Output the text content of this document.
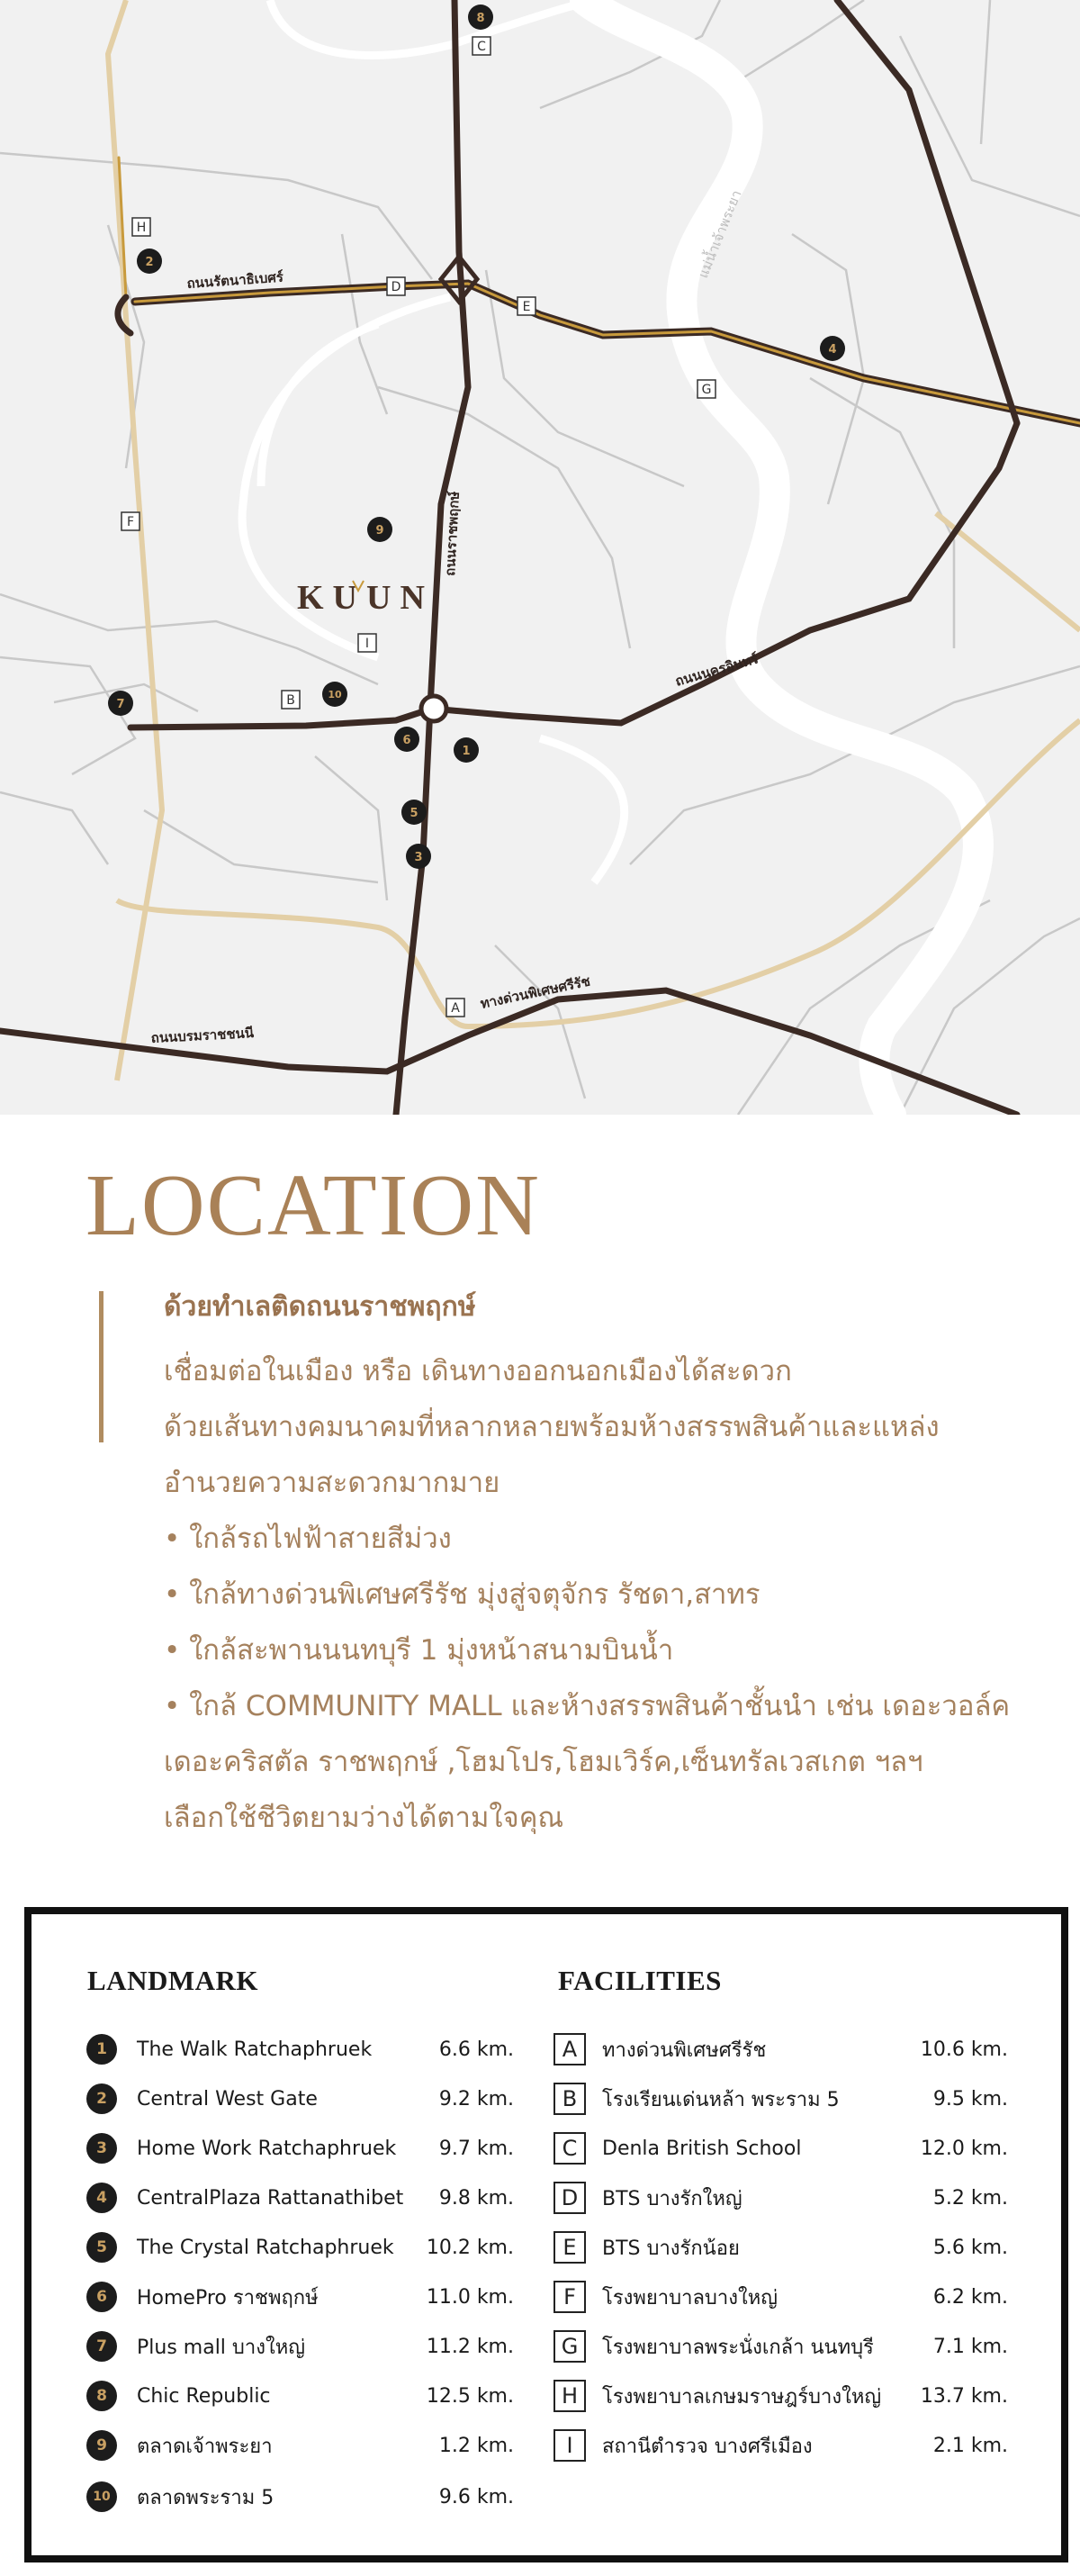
ถนนรัตนาธิเบศร์
ถนนราชพฤกษ์
ถนนนครอินทร์
ทางด่วนพิเศษศรีรัช
ถนนบรมราชชนนี
แม่น้ำเจ้าพระยา
KUUN
1
2
3
4
5
6
7
8
9
10
A
B
C
D
E
F
G
H
I
LOCATION
ด้วยทำเลติดถนนราชพฤกษ์
เชื่อมต่อในเมือง หรือ เดินทางออกนอกเมืองได้สะดวก
ด้วยเส้นทางคมนาคมที่หลากหลายพร้อมห้างสรรพสินค้าและแหล่ง
อำนวยความสะดวกมากมาย
• ใกล้รถไฟฟ้าสายสีม่วง
• ใกล้ทางด่วนพิเศษศรีรัช มุ่งสู่จตุจักร รัชดา,สาทร
• ใกล้สะพานนนทบุรี 1 มุ่งหน้าสนามบินน้ำ
• ใกล้ COMMUNITY MALL และห้างสรรพสินค้าชั้นนำ เช่น เดอะวอล์ค
เดอะคริสตัล ราชพฤกษ์ ,โฮมโปร,โฮมเวิร์ค,เซ็นทรัลเวสเกต ฯลฯ
เลือกใช้ชีวิตยามว่างได้ตามใจคุณ
LANDMARK	FACILITIES
1	The Walk Ratchaphruek	6.6 km.
2	Central West Gate	9.2 km.
3	Home Work Ratchaphruek 9.7 km.
4	CentralPlaza Rattanathibet 9.8 km.
5	The Crystal Ratchaphruek 10.2 km.
6	HomePro ราชพฤกษ์	11.0 km.
7	Plus mall บางใหญ่	11.2 km.
8	Chic Republic	12.5 km.
9	ตลาดเจ้าพระยา	1.2 km.
10	ตลาดพระราม 5	9.6 km.
A	ทางด่วนพิเศษศรีรัช	10.6 km.
B	โรงเรียนเด่นหล้า พระราม 5	9.5 km.
C	Denla British School	12.0 km.
D	BTS บางรักใหญ่	5.2 km.
E	BTS บางรักน้อย	5.6 km.
F	โรงพยาบาลบางใหญ่	6.2 km.
G	โรงพยาบาลพระนั่งเกล้า นนทบุรี	7.1 km.
H	โรงพยาบาลเกษมราษฎร์บางใหญ่ 13.7 km.
I	สถานีตำรวจ บางศรีเมือง	2.1 km.
